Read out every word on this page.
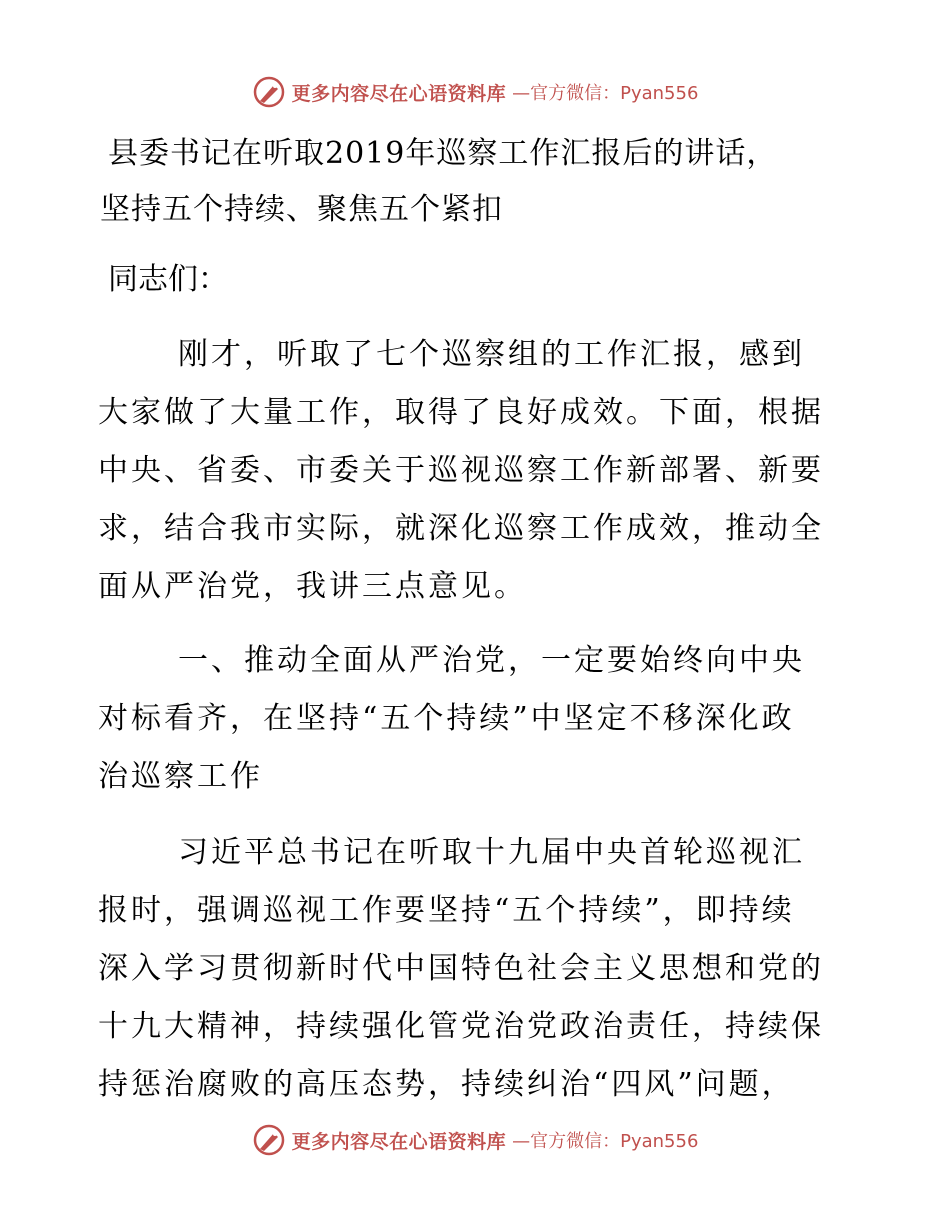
更多内容尽在心语资料库 —官方微信：Pyan556
县委书记在听取2019年巡察工作汇报后的讲话，
坚持五个持续、聚焦五个紧扣

同志们：

刚才，听取了七个巡察组的工作汇报，感到
大家做了大量工作，取得了良好成效。下面，根据
中央、省委、市委关于巡视巡察工作新部署、新要
求，结合我市实际，就深化巡察工作成效，推动全
面从严治党，我讲三点意见。
一、推动全面从严治党，一定要始终向中央
对标看齐，在坚持“五个持续”中坚定不移深化政
治巡察工作
习近平总书记在听取十九届中央首轮巡视汇
报时，强调巡视工作要坚持“五个持续”，即持续
深入学习贯彻新时代中国特色社会主义思想和党的
十九大精神，持续强化管党治党政治责任，持续保
持惩治腐败的高压态势，持续纠治“四风”问题，
更多内容尽在心语资料库 —官方微信：Pyan556
